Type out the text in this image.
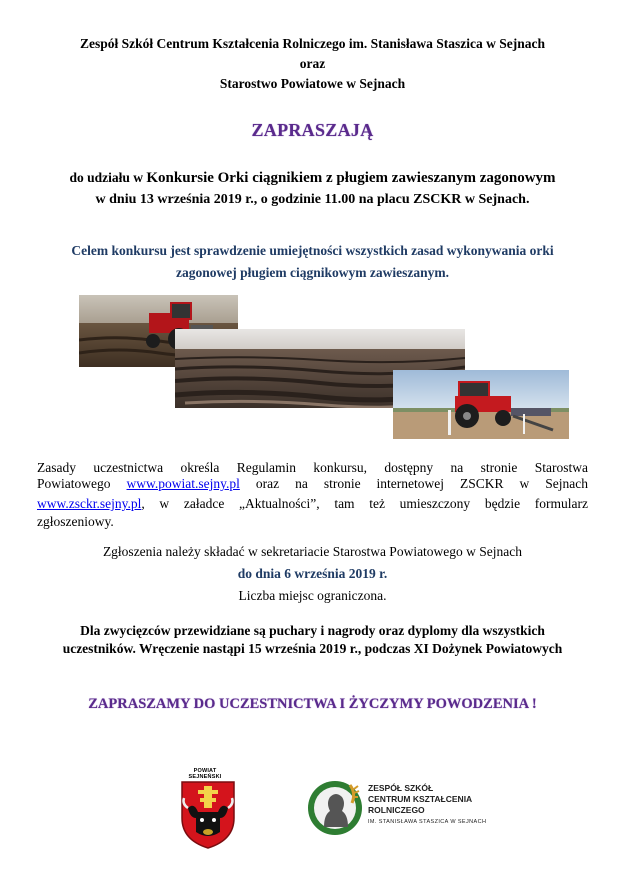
Zespół Szkół Centrum Kształcenia Rolniczego im. Stanisława Staszica w Sejnach
oraz
Starostwo Powiatowe w Sejnach
ZAPRASZAJĄ
do udziału w Konkursie Orki ciągnikiem z pługiem zawieszanym zagonowym
w dniu 13 września 2019 r., o godzinie 11.00 na placu ZSCKR w Sejnach.
Celem konkursu jest sprawdzenie umiejętności wszystkich zasad wykonywania orki
zagonowej pługiem ciągnikowym zawieszanym.
Zasady uczestnictwa określa Regulamin konkursu, dostępny na stronie Starostwa
Powiatowego www.powiat.sejny.pl oraz na stronie internetowej ZSCKR w Sejnach
www.zsckr.sejny.pl, w załadce „Aktualności”, tam też umieszczony będzie formularz
zgłoszeniowy.
Zgłoszenia należy składać w sekretariacie Starostwa Powiatowego w Sejnach
do dnia 6 września 2019 r.
Liczba miejsc ograniczona.
Dla zwycięzców przewidziane są puchary i nagrody oraz dyplomy dla wszystkich
uczestników. Wręczenie nastąpi 15 września 2019 r., podczas XI Dożynek Powiatowych
ZAPRASZAMY DO UCZESTNICTWA I ŻYCZYMY POWODZENIA !
POWIAT SEJNEŃSKI
ZESPÓŁ SZKÓŁ
CENTRUM KSZTAŁCENIA
ROLNICZEGO
IM. STANISŁAWA STASZICA W SEJNACH
